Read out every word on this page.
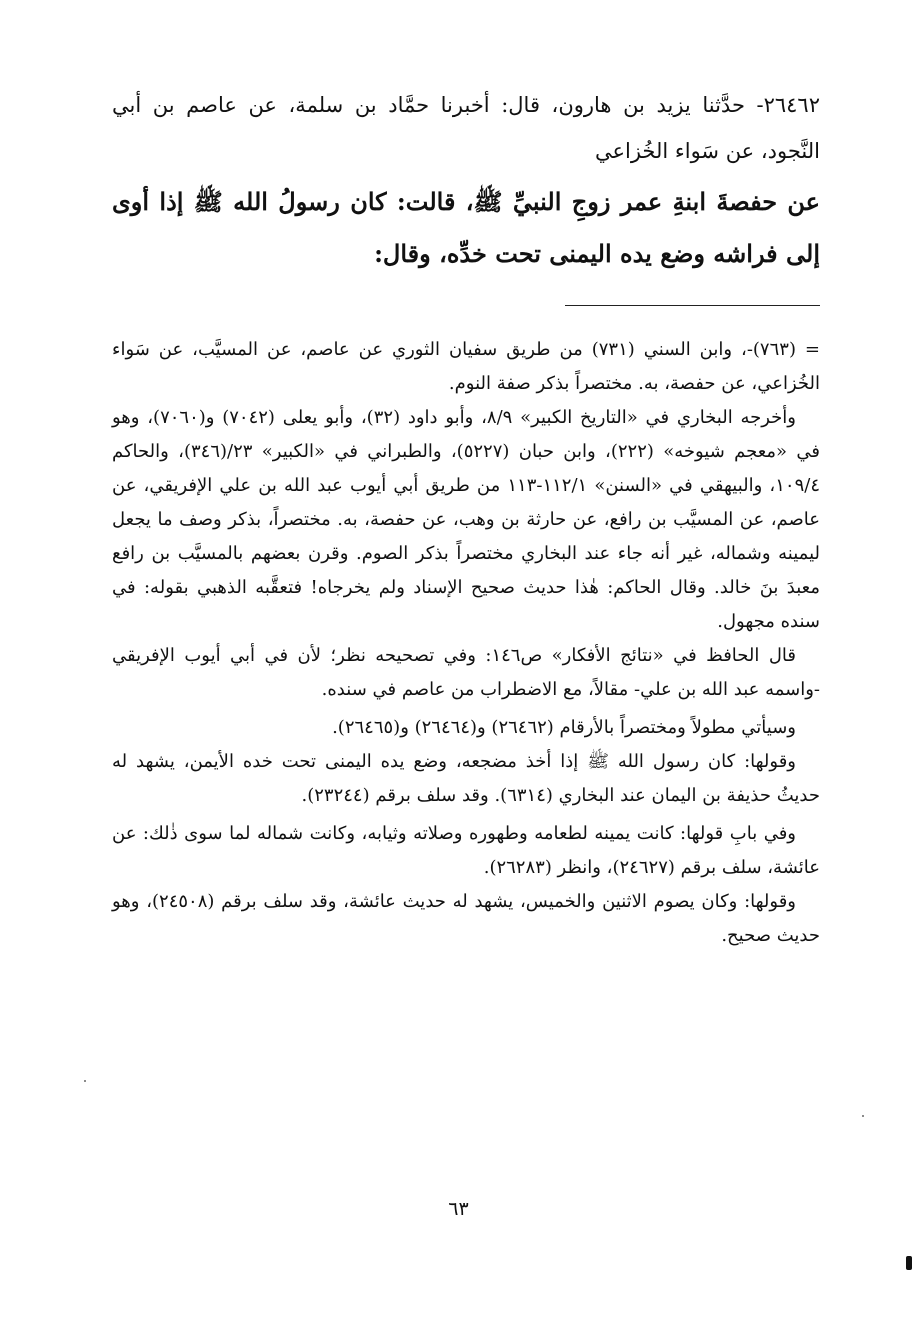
٢٦٤٦٢- حدَّثنا يزيد بن هارون، قال: أخبرنا حمَّاد بن سلمة، عن عاصم بن أبي النَّجود، عن سَواء الخُزاعي

عن حفصةَ ابنةِ عمر زوجِ النبيِّ ﷺ، قالت: كان رسولُ الله ﷺ إذا أوى إلى فراشه وضع يده اليمنى تحت خدِّه، وقال:

= (٧٦٣)-، وابن السني (٧٣١) من طريق سفيان الثوري عن عاصم، عن المسيَّب، عن سَواء الخُزاعي، عن حفصة، به. مختصراً بذكر صفة النوم.

وأخرجه البخاري في «التاريخ الكبير» ٨/٩، وأبو داود (٣٢)، وأبو يعلى (٧٠٤٢) و(٧٠٦٠)، وهو في «معجم شيوخه» (٢٢٢)، وابن حبان (٥٢٢٧)، والطبراني في «الكبير» ٢٣/(٣٤٦)، والحاكم ١٠٩/٤، والبيهقي في «السنن» ١١٢/١-١١٣ من طريق أبي أيوب عبد الله بن علي الإفريقي، عن عاصم، عن المسيَّب بن رافع، عن حارثة بن وهب، عن حفصة، به. مختصراً، بذكر وصف ما يجعل ليمينه وشماله، غير أنه جاء عند البخاري مختصراً بذكر الصوم. وقرن بعضهم بالمسيَّب بن رافع معبدَ بنَ خالد. وقال الحاكم: هٰذا حديث صحيح الإسناد ولم يخرجاه! فتعقَّبه الذهبي بقوله: في سنده مجهول.

قال الحافظ في «نتائج الأفكار» ص١٤٦: وفي تصحيحه نظر؛ لأن في أبي أيوب الإفريقي -واسمه عبد الله بن علي- مقالاً، مع الاضطراب من عاصم في سنده.

وسيأتي مطولاً ومختصراً بالأرقام (٢٦٤٦٢) و(٢٦٤٦٤) و(٢٦٤٦٥).

وقولها: كان رسول الله ﷺ إذا أخذ مضجعه، وضع يده اليمنى تحت خده الأيمن، يشهد له حديثُ حذيفة بن اليمان عند البخاري (٦٣١٤). وقد سلف برقم (٢٣٢٤٤).

وفي بابِ قولها: كانت يمينه لطعامه وطهوره وصلاته وثيابه، وكانت شماله لما سوى ذٰلك: عن عائشة، سلف برقم (٢٤٦٢٧)، وانظر (٢٦٢٨٣).

وقولها: وكان يصوم الاثنين والخميس، يشهد له حديث عائشة، وقد سلف برقم (٢٤٥٠٨)، وهو حديث صحيح.

٦٣
